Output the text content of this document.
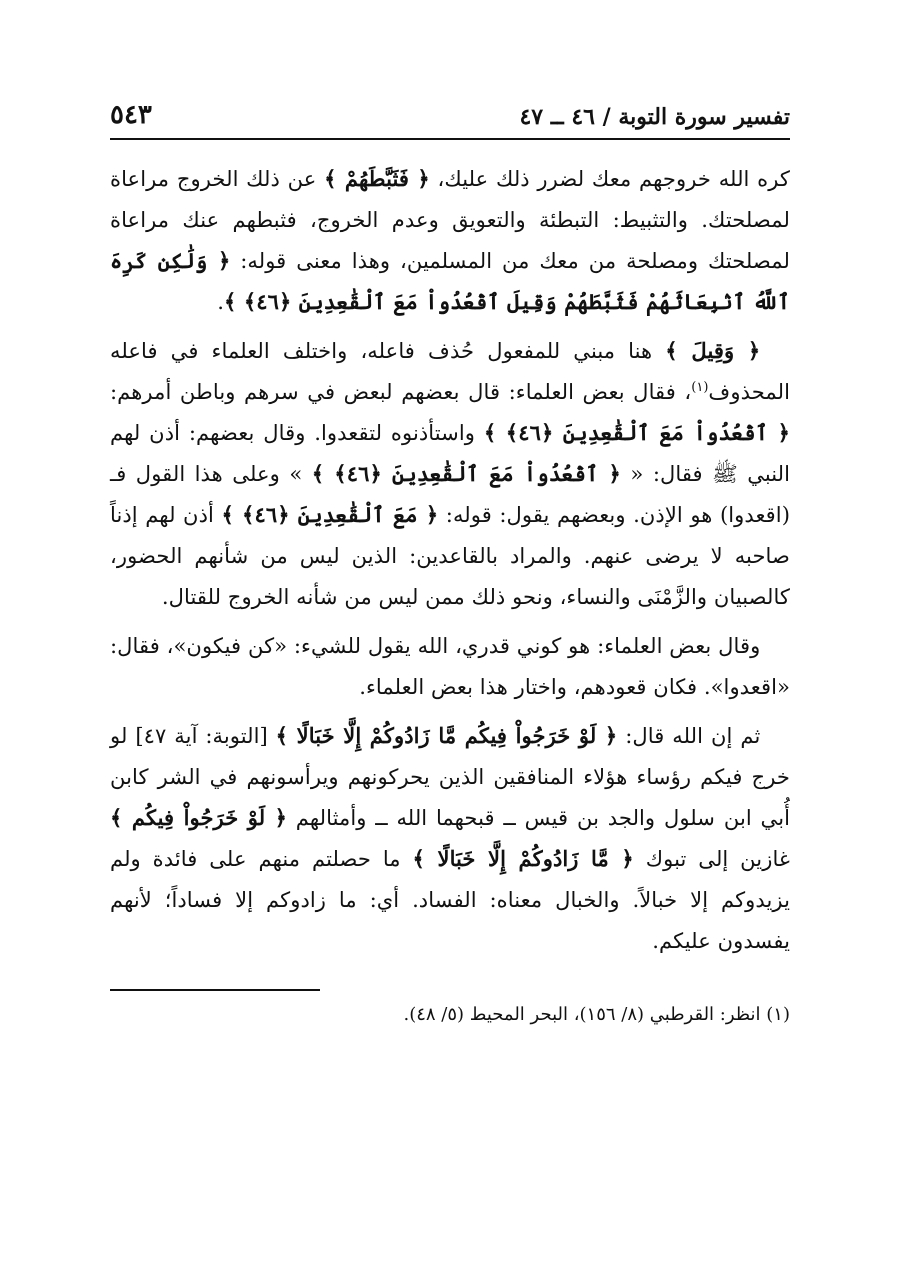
تفسير سورة التوبة / ٤٦ ــ ٤٧
٥٤٣

كره الله خروجهم معك لضرر ذلك عليك، ﴿ فَثَبَّطَهُمْ ﴾ عن ذلك الخروج مراعاة لمصلحتك. والتثبيط: التبطئة والتعويق وعدم الخروج، فثبطهم عنك مراعاة لمصلحتك ومصلحة من معك من المسلمين، وهذا معنى قوله: ﴿ وَلَٰكِن كَرِهَ ٱللَّهُ ٱنۢبِعَاثَهُمْ فَثَبَّطَهُمْ وَقِيلَ ٱقْعُدُواْ مَعَ ٱلْقَٰعِدِينَ ﴿٤٦﴾ ﴾.

﴿ وَقِيلَ ﴾ هنا مبني للمفعول حُذف فاعله، واختلف العلماء في فاعله المحذوف$^{(١)}$، فقال بعض العلماء: قال بعضهم لبعض في سرهم وباطن أمرهم: ﴿ ٱقْعُدُواْ مَعَ ٱلْقَٰعِدِينَ ﴿٤٦﴾ ﴾ واستأذنوه لتقعدوا. وقال بعضهم: أذن لهم النبي ﷺ فقال: « ﴿ ٱقْعُدُواْ مَعَ ٱلْقَٰعِدِينَ ﴿٤٦﴾ ﴾ » وعلى هذا القول فـ (اقعدوا) هو الإذن. وبعضهم يقول: قوله: ﴿ مَعَ ٱلْقَٰعِدِينَ ﴿٤٦﴾ ﴾ أذن لهم إذناً صاحبه لا يرضى عنهم. والمراد بالقاعدين: الذين ليس من شأنهم الحضور، كالصبيان والزَّمْنَى والنساء، ونحو ذلك ممن ليس من شأنه الخروج للقتال.

وقال بعض العلماء: هو كوني قدري، الله يقول للشيء: «كن فيكون»، فقال: «اقعدوا». فكان قعودهم، واختار هذا بعض العلماء.

ثم إن الله قال: ﴿ لَوْ خَرَجُواْ فِيكُم مَّا زَادُوكُمْ إِلَّا خَبَالًا ﴾ [التوبة: آية ٤٧] لو خرج فيكم رؤساء هؤلاء المنافقين الذين يحركونهم ويرأسونهم في الشر كابن أُبي ابن سلول والجد بن قيس ــ قبحهما الله ــ وأمثالهم ﴿ لَوْ خَرَجُواْ فِيكُم ﴾ غازين إلى تبوك ﴿ مَّا زَادُوكُمْ إِلَّا خَبَالًا ﴾ ما حصلتم منهم على فائدة ولم يزيدوكم إلا خبالاً. والخبال معناه: الفساد. أي: ما زادوكم إلا فساداً؛ لأنهم يفسدون عليكم.

(١) انظر: القرطبي (٨/ ١٥٦)، البحر المحيط (٥/ ٤٨).
